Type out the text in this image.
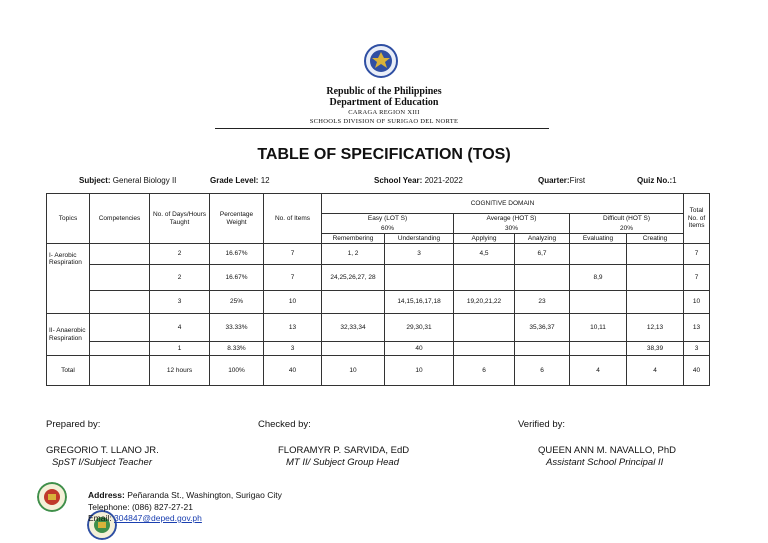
Republic of the Philippines
Department of Education
CARAGA REGION XIII
SCHOOLS DIVISION OF SURIGAO DEL NORTE
TABLE OF SPECIFICATION (TOS)
Subject: General Biology II	Grade Level: 12	School Year: 2021-2022	Quarter:First	Quiz No.:1
Topics	Competencies	No. of Days/Hours Taught	Percentage Weight	No. of Items	COGNITIVE DOMAIN						Total No. of Items
					Easy (LOT S)		Average (HOT S)		Difficult (HOT S)		
					60%		30%		20%		
					Remembering	Understanding	Applying	Analyzing	Evaluating	Creating	
I- Aerobic Respiration		2	16.67%	7	1, 2	3	4,5	6,7			7
		2	16.67%	7	24,25,26,27, 28				8,9		7
		3	25%	10		14,15,16,17,18	19,20,21,22	23			10
II- Anaerobic Respiration		4	33.33%	13	32,33,34	29,30,31		35,36,37	10,11	12,13	13
		1	8.33%	3		40				38,39	3
Total		12 hours	100%	40	10	10	6	6	4	4	40
Prepared by:	Checked by:	Verified by:
GREGORIO T. LLANO JR.
SpST I/Subject Teacher
FLORAMYR P. SARVIDA, EdD
MT II/ Subject Group Head
QUEEN ANN M. NAVALLO, PhD
Assistant School Principal II
Address: Peñaranda St., Washington, Surigao City
Telephone: (086) 827-27-21
Email: 304847@deped.gov.ph
